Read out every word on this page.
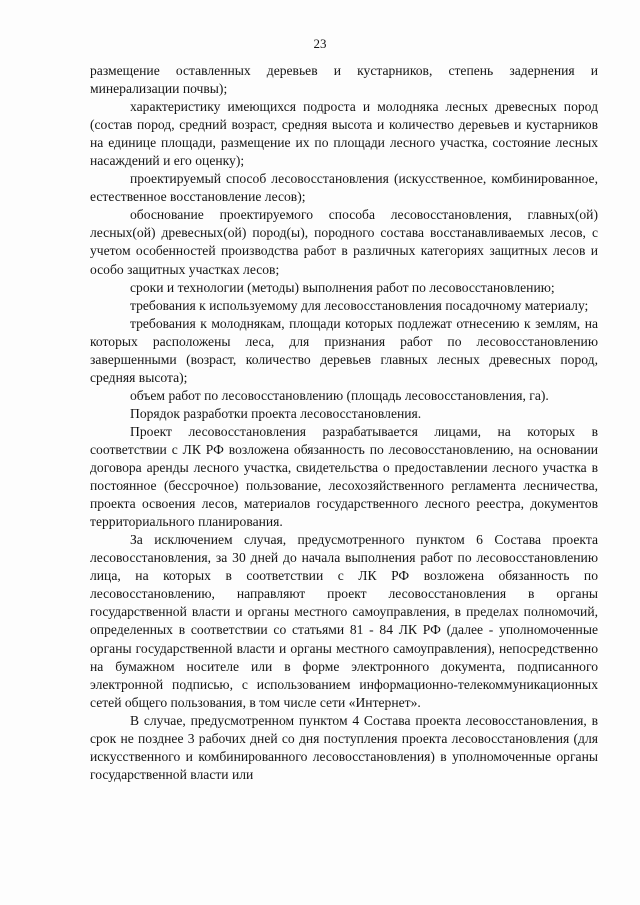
23

размещение оставленных деревьев и кустарников, степень задернения и минерализации почвы);

характеристику имеющихся подроста и молодняка лесных древесных пород (состав пород, средний возраст, средняя высота и количество деревьев и кустарников на единице площади, размещение их по площади лесного участка, состояние лесных насаждений и его оценку);

проектируемый способ лесовосстановления (искусственное, комбинированное, естественное восстановление лесов);

обоснование проектируемого способа лесовосстановления, главных(ой) лесных(ой) древесных(ой) пород(ы), породного состава восстанавливаемых лесов, с учетом особенностей производства работ в различных категориях защитных лесов и особо защитных участках лесов;

сроки и технологии (методы) выполнения работ по лесовосстановлению;

требования к используемому для лесовосстановления посадочному материалу;

требования к молоднякам, площади которых подлежат отнесению к землям, на которых расположены леса, для признания работ по лесовосстановлению завершенными (возраст, количество деревьев главных лесных древесных пород, средняя высота);

объем работ по лесовосстановлению (площадь лесовосстановления, га).

Порядок разработки проекта лесовосстановления.

Проект лесовосстановления разрабатывается лицами, на которых в соответствии с ЛК РФ возложена обязанность по лесовосстановлению, на основании договора аренды лесного участка, свидетельства о предоставлении лесного участка в постоянное (бессрочное) пользование, лесохозяйственного регламента лесничества, проекта освоения лесов, материалов государственного лесного реестра, документов территориального планирования.

За исключением случая, предусмотренного пунктом 6 Состава проекта лесовосстановления, за 30 дней до начала выполнения работ по лесовосстановлению лица, на которых в соответствии с ЛК РФ возложена обязанность по лесовосстановлению, направляют проект лесовосстановления в органы государственной власти и органы местного самоуправления, в пределах полномочий, определенных в соответствии со статьями 81 - 84 ЛК РФ (далее - уполномоченные органы государственной власти и органы местного самоуправления), непосредственно на бумажном носителе или в форме электронного документа, подписанного электронной подписью, с использованием информационно-телекоммуникационных сетей общего пользования, в том числе сети «Интернет».

В случае, предусмотренном пунктом 4 Состава проекта лесовосстановления, в срок не позднее 3 рабочих дней со дня поступления проекта лесовосстановления (для искусственного и комбинированного лесовосстановления) в уполномоченные органы государственной власти или
